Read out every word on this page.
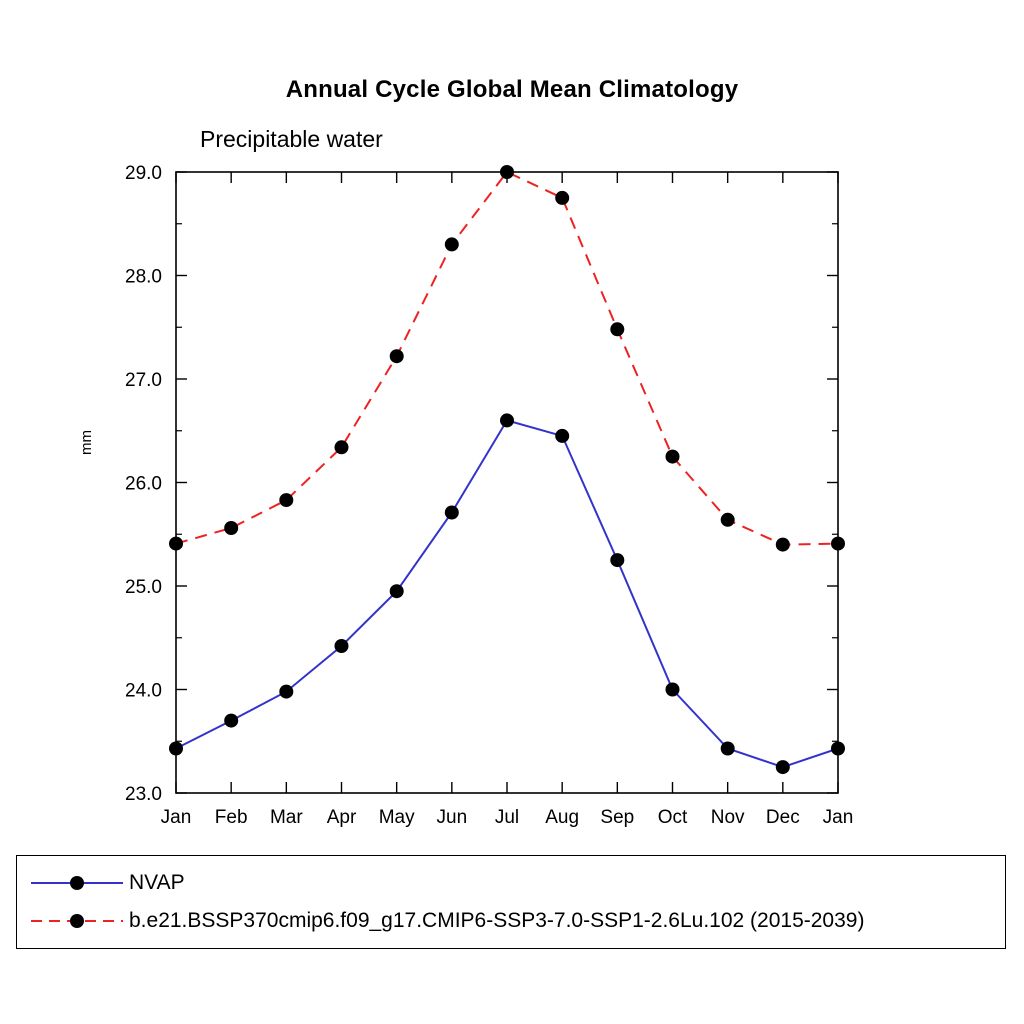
Annual Cycle Global Mean Climatology
Precipitable water
mm
23.0
24.0
25.0
26.0
27.0
28.0
29.0
Jan Feb Mar Apr May Jun Jul Aug Sep Oct Nov Dec Jan
NVAP
b.e21.BSSP370cmip6.f09_g17.CMIP6-SSP3-7.0-SSP1-2.6Lu.102 (2015-2039)
